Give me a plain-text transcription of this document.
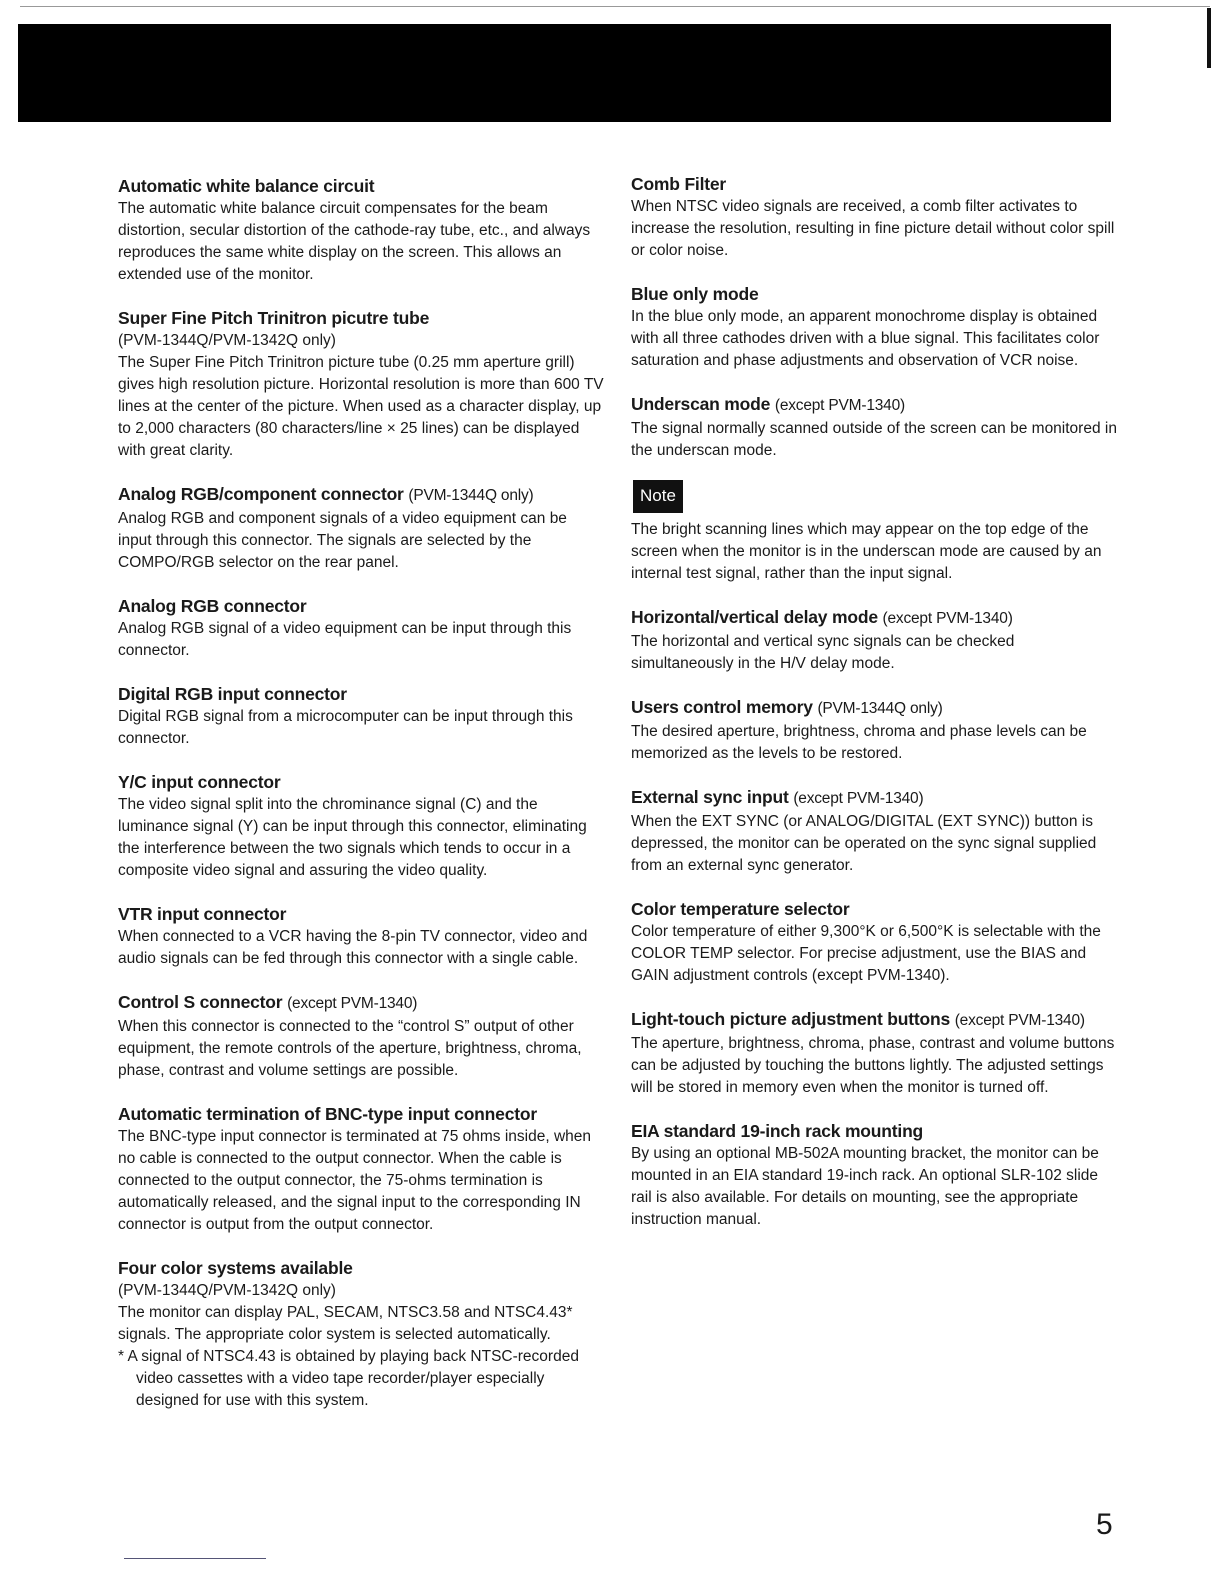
Automatic white balance circuit

The automatic white balance circuit compensates for the beam distortion, secular distortion of the cathode-ray tube, etc., and always reproduces the same white display on the screen. This allows an extended use of the monitor.

Super Fine Pitch Trinitron picutre tube
(PVM-1344Q/PVM-1342Q only)

The Super Fine Pitch Trinitron picture tube (0.25 mm aperture grill) gives high resolution picture. Horizontal resolution is more than 600 TV lines at the center of the picture. When used as a character display, up to 2,000 characters (80 characters/line × 25 lines) can be displayed with great clarity.

Analog RGB/component connector (PVM-1344Q only)

Analog RGB and component signals of a video equipment can be input through this connector. The signals are selected by the COMPO/RGB selector on the rear panel.

Analog RGB connector

Analog RGB signal of a video equipment can be input through this connector.

Digital RGB input connector

Digital RGB signal from a microcomputer can be input through this connector.

Y/C input connector

The video signal split into the chrominance signal (C) and the luminance signal (Y) can be input through this connector, eliminating the interference between the two signals which tends to occur in a composite video signal and assuring the video quality.

VTR input connector

When connected to a VCR having the 8-pin TV connector, video and audio signals can be fed through this connector with a single cable.

Control S connector (except PVM-1340)

When this connector is connected to the “control S” output of other equipment, the remote controls of the aperture, brightness, chroma, phase, contrast and volume settings are possible.

Automatic termination of BNC-type input connector

The BNC-type input connector is terminated at 75 ohms inside, when no cable is connected to the output connector. When the cable is connected to the output connector, the 75-ohms termination is automatically released, and the signal input to the corresponding IN connector is output from the output connector.

Four color systems available
(PVM-1344Q/PVM-1342Q only)

The monitor can display PAL, SECAM, NTSC3.58 and NTSC4.43* signals. The appropriate color system is selected automatically.

* A signal of NTSC4.43 is obtained by playing back NTSC-recorded video cassettes with a video tape recorder/player especially designed for use with this system.
Comb Filter

When NTSC video signals are received, a comb filter activates to increase the resolution, resulting in fine picture detail without color spill or color noise.

Blue only mode

In the blue only mode, an apparent monochrome display is obtained with all three cathodes driven with a blue signal. This facilitates color saturation and phase adjustments and observation of VCR noise.

Underscan mode (except PVM-1340)

The signal normally scanned outside of the screen can be monitored in the underscan mode.

Note

The bright scanning lines which may appear on the top edge of the screen when the monitor is in the underscan mode are caused by an internal test signal, rather than the input signal.

Horizontal/vertical delay mode (except PVM-1340)

The horizontal and vertical sync signals can be checked simultaneously in the H/V delay mode.

Users control memory (PVM-1344Q only)

The desired aperture, brightness, chroma and phase levels can be memorized as the levels to be restored.

External sync input (except PVM-1340)

When the EXT SYNC (or ANALOG/DIGITAL (EXT SYNC)) button is depressed, the monitor can be operated on the sync signal supplied from an external sync generator.

Color temperature selector

Color temperature of either 9,300°K or 6,500°K is selectable with the COLOR TEMP selector. For precise adjustment, use the BIAS and GAIN adjustment controls (except PVM-1340).

Light-touch picture adjustment buttons (except PVM-1340)

The aperture, brightness, chroma, phase, contrast and volume buttons can be adjusted by touching the buttons lightly. The adjusted settings will be stored in memory even when the monitor is turned off.

EIA standard 19-inch rack mounting

By using an optional MB-502A mounting bracket, the monitor can be mounted in an EIA standard 19-inch rack. An optional SLR-102 slide rail is also available. For details on mounting, see the appropriate instruction manual.

5
